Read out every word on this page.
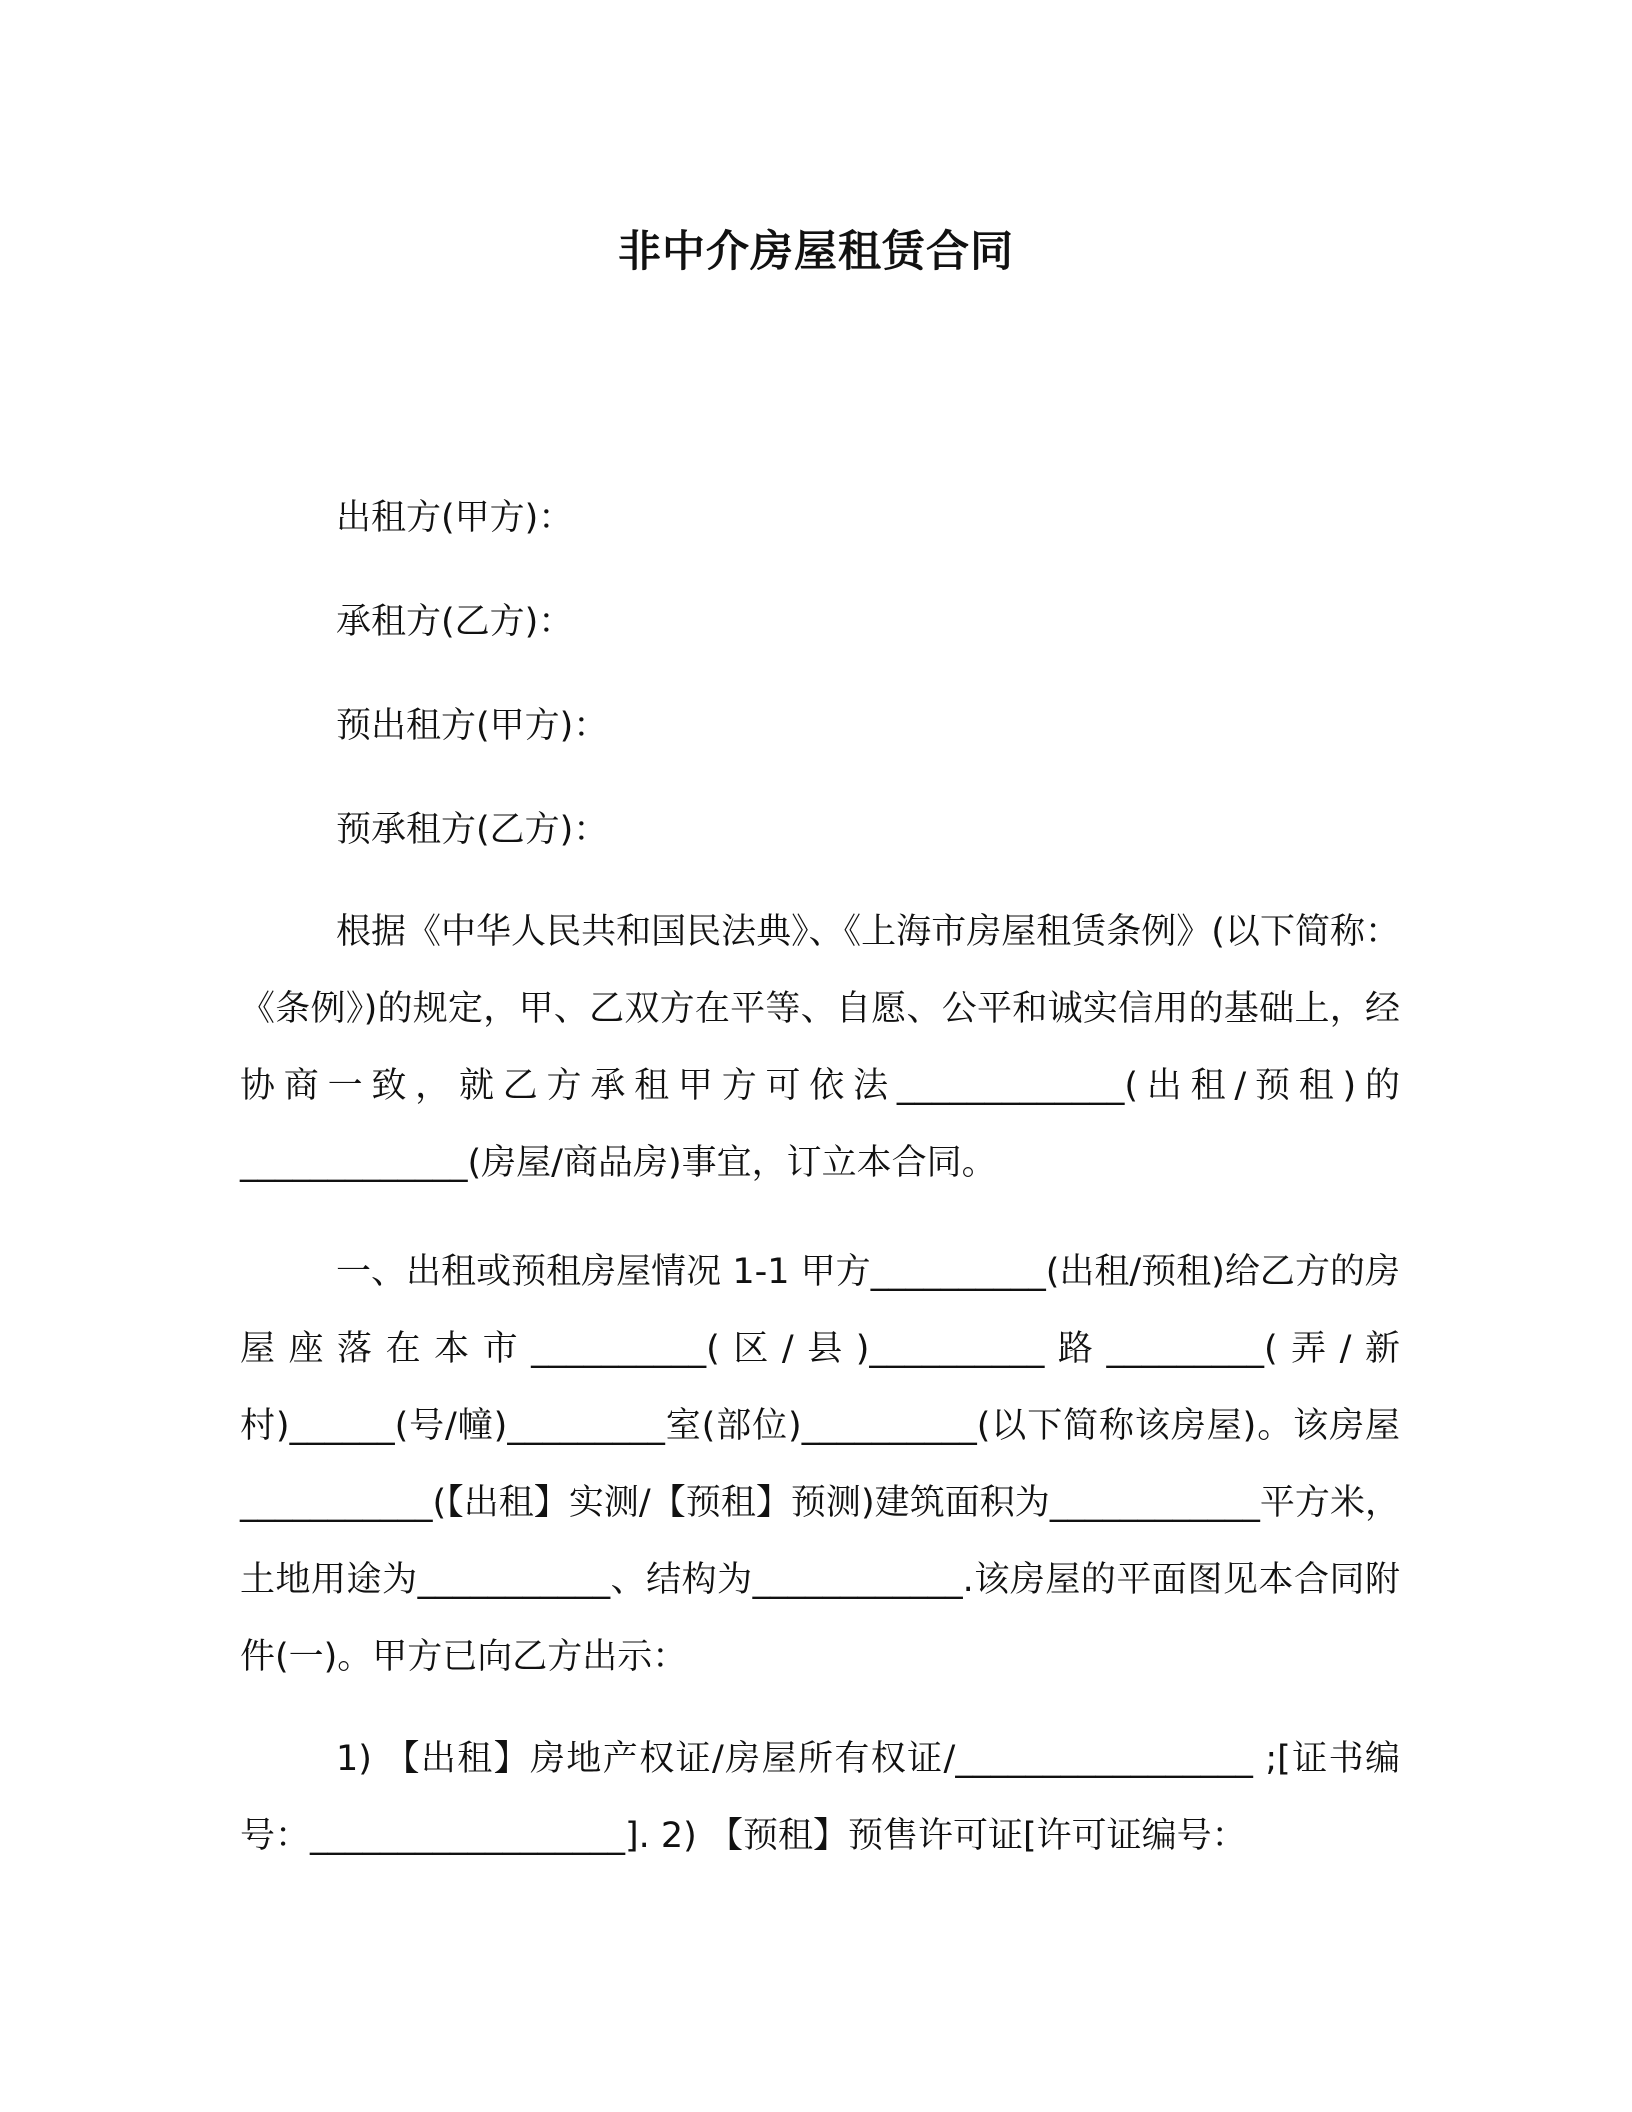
非中介房屋租赁合同
出租方(甲方)：
承租方(乙方)：
预出租方(甲方)：
预承租方(乙方)：
根据《中华人民共和国民法典》、《上海市房屋租赁条例》(以下简称：《条例》)的规定，甲、乙双方在平等、自愿、公平和诚实信用的基础上，经协商一致，就乙方承租甲方可依法_____________(出租/预租)的_____________(房屋/商品房)事宜，订立本合同。
一、出租或预租房屋情况 1-1 甲方__________(出租/预租)给乙方的房屋座落在本市__________(区/县)__________路_________(弄/新村)______(号/幢)_________室(部位)__________(以下简称该房屋)。该房屋___________(【出租】实测/【预租】预测)建筑面积为____________平方米，土地用途为___________、结构为____________.该房屋的平面图见本合同附件(一)。甲方已向乙方出示：
1) 【出租】房地产权证/房屋所有权证/_________________ ;[证书编号：__________________]. 2) 【预租】预售许可证[许可证编号：
